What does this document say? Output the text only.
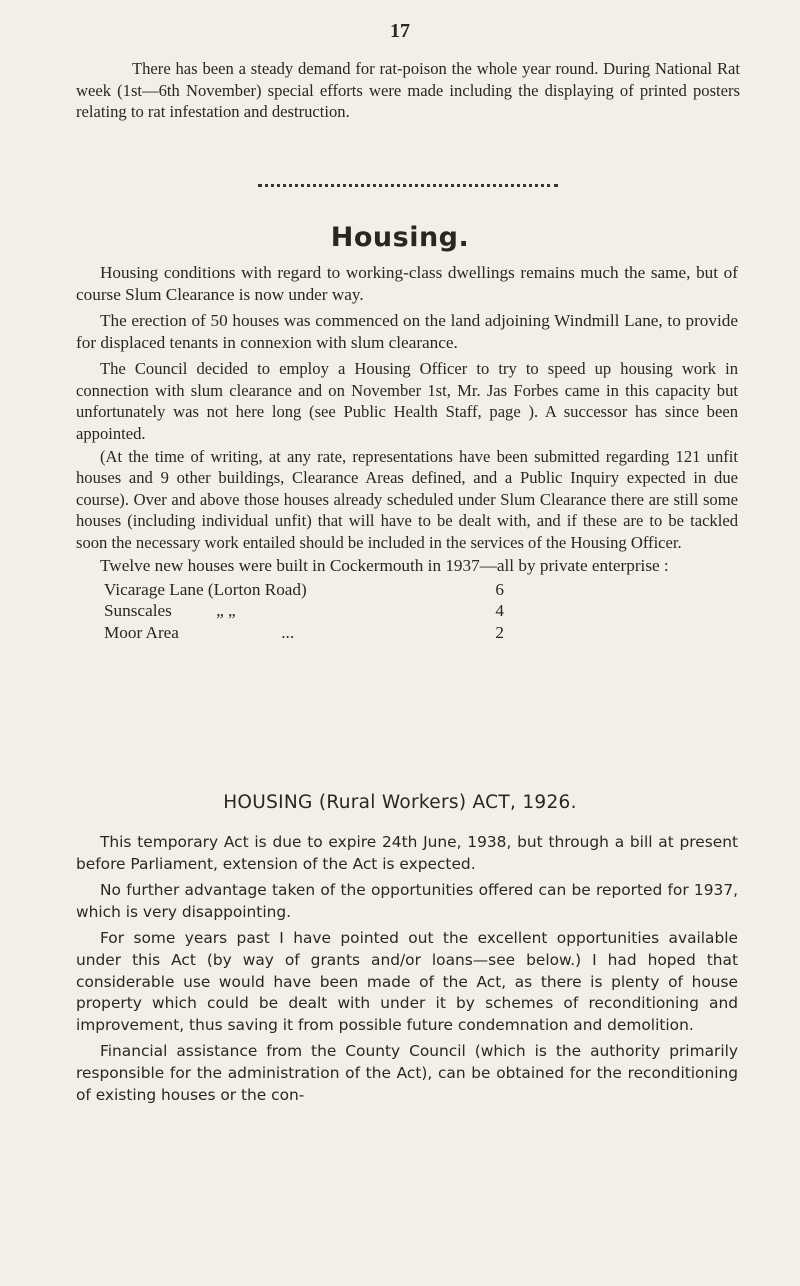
17

There has been a steady demand for rat-poison the whole year round. During National Rat week (1st—6th November) special efforts were made including the displaying of printed posters relating to rat infestation and destruction.

Housing.

Housing conditions with regard to working-class dwellings remains much the same, but of course Slum Clearance is now under way.

The erection of 50 houses was commenced on the land adjoining Windmill Lane, to provide for displaced tenants in connexion with slum clearance.

The Council decided to employ a Housing Officer to try to speed up housing work in connection with slum clearance and on November 1st, Mr. Jas Forbes came in this capacity but unfortunately was not here long (see Public Health Staff, page ). A successor has since been appointed.

(At the time of writing, at any rate, representations have been submitted regarding 121 unfit houses and 9 other buildings, Clearance Areas defined, and a Public Inquiry expected in due course). Over and above those houses already scheduled under Slum Clearance there are still some houses (including individual unfit) that will have to be dealt with, and if these are to be tackled soon the necessary work entailed should be included in the services of the Housing Officer.

Twelve new houses were built in Cockermouth in 1937—all by private enterprise :

Vicarage Lane (Lorton Road)	6
Sunscales	„ „	4
Moor Area	...	2
HOUSING (Rural Workers) ACT, 1926.

This temporary Act is due to expire 24th June, 1938, but through a bill at present before Parliament, extension of the Act is expected.

No further advantage taken of the opportunities offered can be reported for 1937, which is very disappointing.

For some years past I have pointed out the excellent opportunities available under this Act (by way of grants and/or loans—see below.) I had hoped that considerable use would have been made of the Act, as there is plenty of house property which could be dealt with under it by schemes of reconditioning and improvement, thus saving it from possible future condemnation and demolition.

Financial assistance from the County Council (which is the authority primarily responsible for the administration of the Act), can be obtained for the reconditioning of existing houses or the con-
